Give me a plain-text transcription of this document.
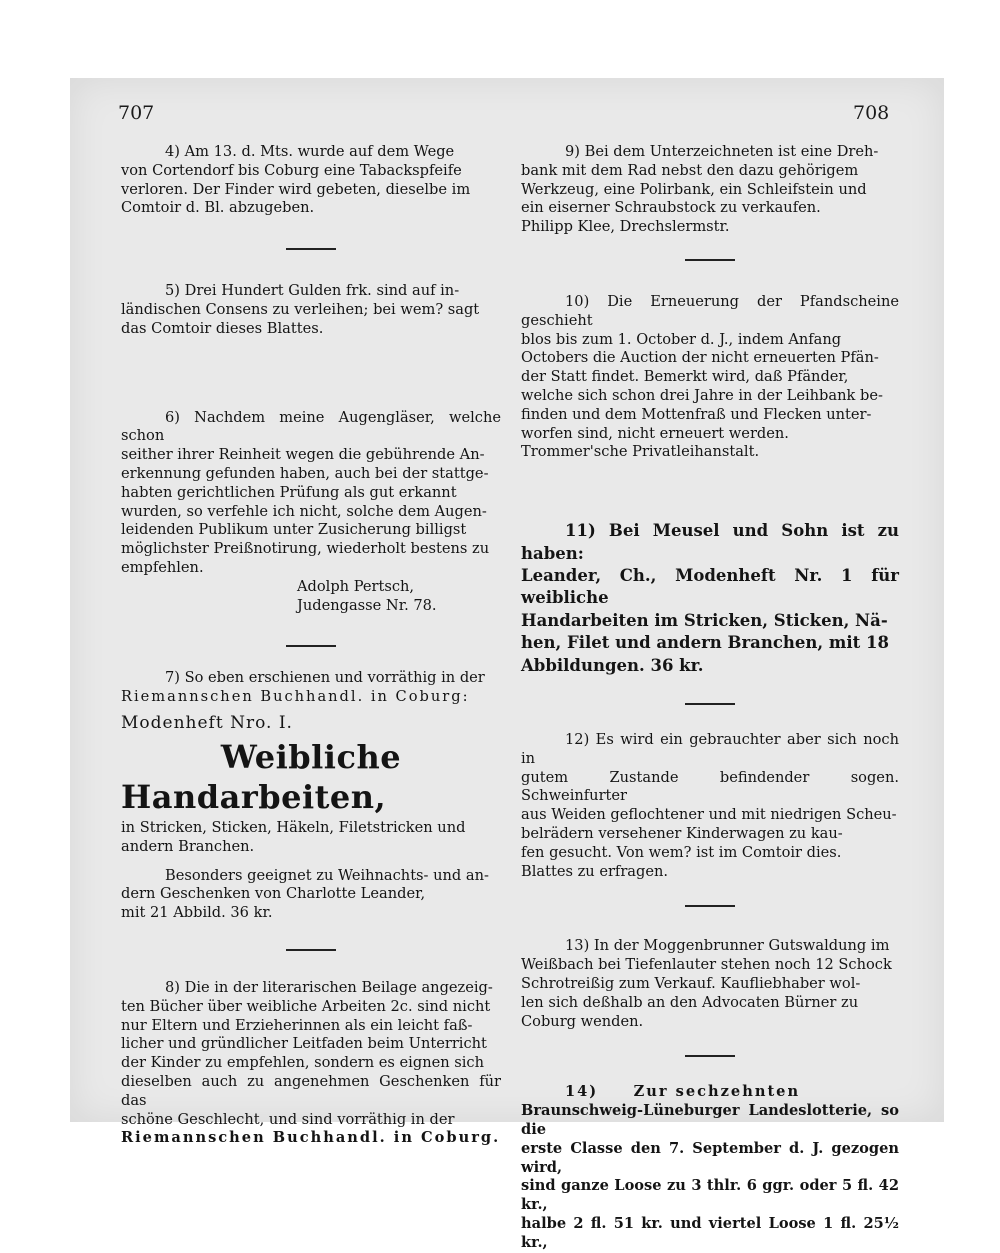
707	708

4) Am 13. d. Mts. wurde auf dem Wege

von Cortendorf bis Coburg eine Tabackspfeife

verloren. Der Finder wird gebeten, dieselbe im

Comtoir d. Bl. abzugeben.

5) Drei Hundert Gulden frk. sind auf in-

ländischen Consens zu verleihen; bei wem? sagt

das Comtoir dieses Blattes.

6) Nachdem meine Augengläser, welche schon

seither ihrer Reinheit wegen die gebührende An-

erkennung gefunden haben, auch bei der stattge-

habten gerichtlichen Prüfung als gut erkannt

wurden, so verfehle ich nicht, solche dem Augen-

leidenden Publikum unter Zusicherung billigst

möglichster Preißnotirung, wiederholt bestens zu

empfehlen.

Adolph Pertsch,

Judengasse Nr. 78.

7) So eben erschienen und vorräthig in der

Riemannschen Buchhandl. in Coburg:

Modenheft Nro. I.

Weibliche Handarbeiten,

in Stricken, Sticken, Häkeln, Filetstricken und

andern Branchen.

Besonders geeignet zu Weihnachts- und an-

dern Geschenken von Charlotte Leander,

mit 21 Abbild. 36 kr.

8) Die in der literarischen Beilage angezeig-

ten Bücher über weibliche Arbeiten 2c. sind nicht

nur Eltern und Erzieherinnen als ein leicht faß-

licher und gründlicher Leitfaden beim Unterricht

der Kinder zu empfehlen, sondern es eignen sich

dieselben auch zu angenehmen Geschenken für das

schöne Geschlecht, und sind vorräthig in der

Riemannschen Buchhandl. in Coburg.

9) Bei dem Unterzeichneten ist eine Dreh-

bank mit dem Rad nebst den dazu gehörigem

Werkzeug, eine Polirbank, ein Schleifstein und

ein eiserner Schraubstock zu verkaufen.

Philipp Klee, Drechslermstr.

10) Die Erneuerung der Pfandscheine geschieht

blos bis zum 1. October d. J., indem Anfang

Octobers die Auction der nicht erneuerten Pfän-

der Statt findet. Bemerkt wird, daß Pfänder,

welche sich schon drei Jahre in der Leihbank be-

finden und dem Mottenfraß und Flecken unter-

worfen sind, nicht erneuert werden.

Trommer'sche Privatleihanstalt.

11) Bei Meusel und Sohn ist zu haben:

Leander, Ch., Modenheft Nr. 1 für weibliche

Handarbeiten im Stricken, Sticken, Nä-

hen, Filet und andern Branchen, mit 18

Abbildungen. 36 kr.

12) Es wird ein gebrauchter aber sich noch in

gutem Zustande befindender sogen. Schweinfurter

aus Weiden geflochtener und mit niedrigen Scheu-

belrädern versehener Kinderwagen zu kau-

fen gesucht. Von wem? ist im Comtoir dies.

Blattes zu erfragen.

13) In der Moggenbrunner Gutswaldung im

Weißbach bei Tiefenlauter stehen noch 12 Schock

Schrotreißig zum Verkauf. Kaufliebhaber wol-

len sich deßhalb an den Advocaten Bürner zu

Coburg wenden.

14)     Zur sechzehnten

Braunschweig-Lüneburger Landeslotterie, so die

erste Classe den 7. September d. J. gezogen wird,

sind ganze Loose zu 3 thlr. 6 ggr. oder 5 fl. 42 kr.,

halbe 2 fl. 51 kr. und viertel Loose 1 fl. 25½ kr.,
